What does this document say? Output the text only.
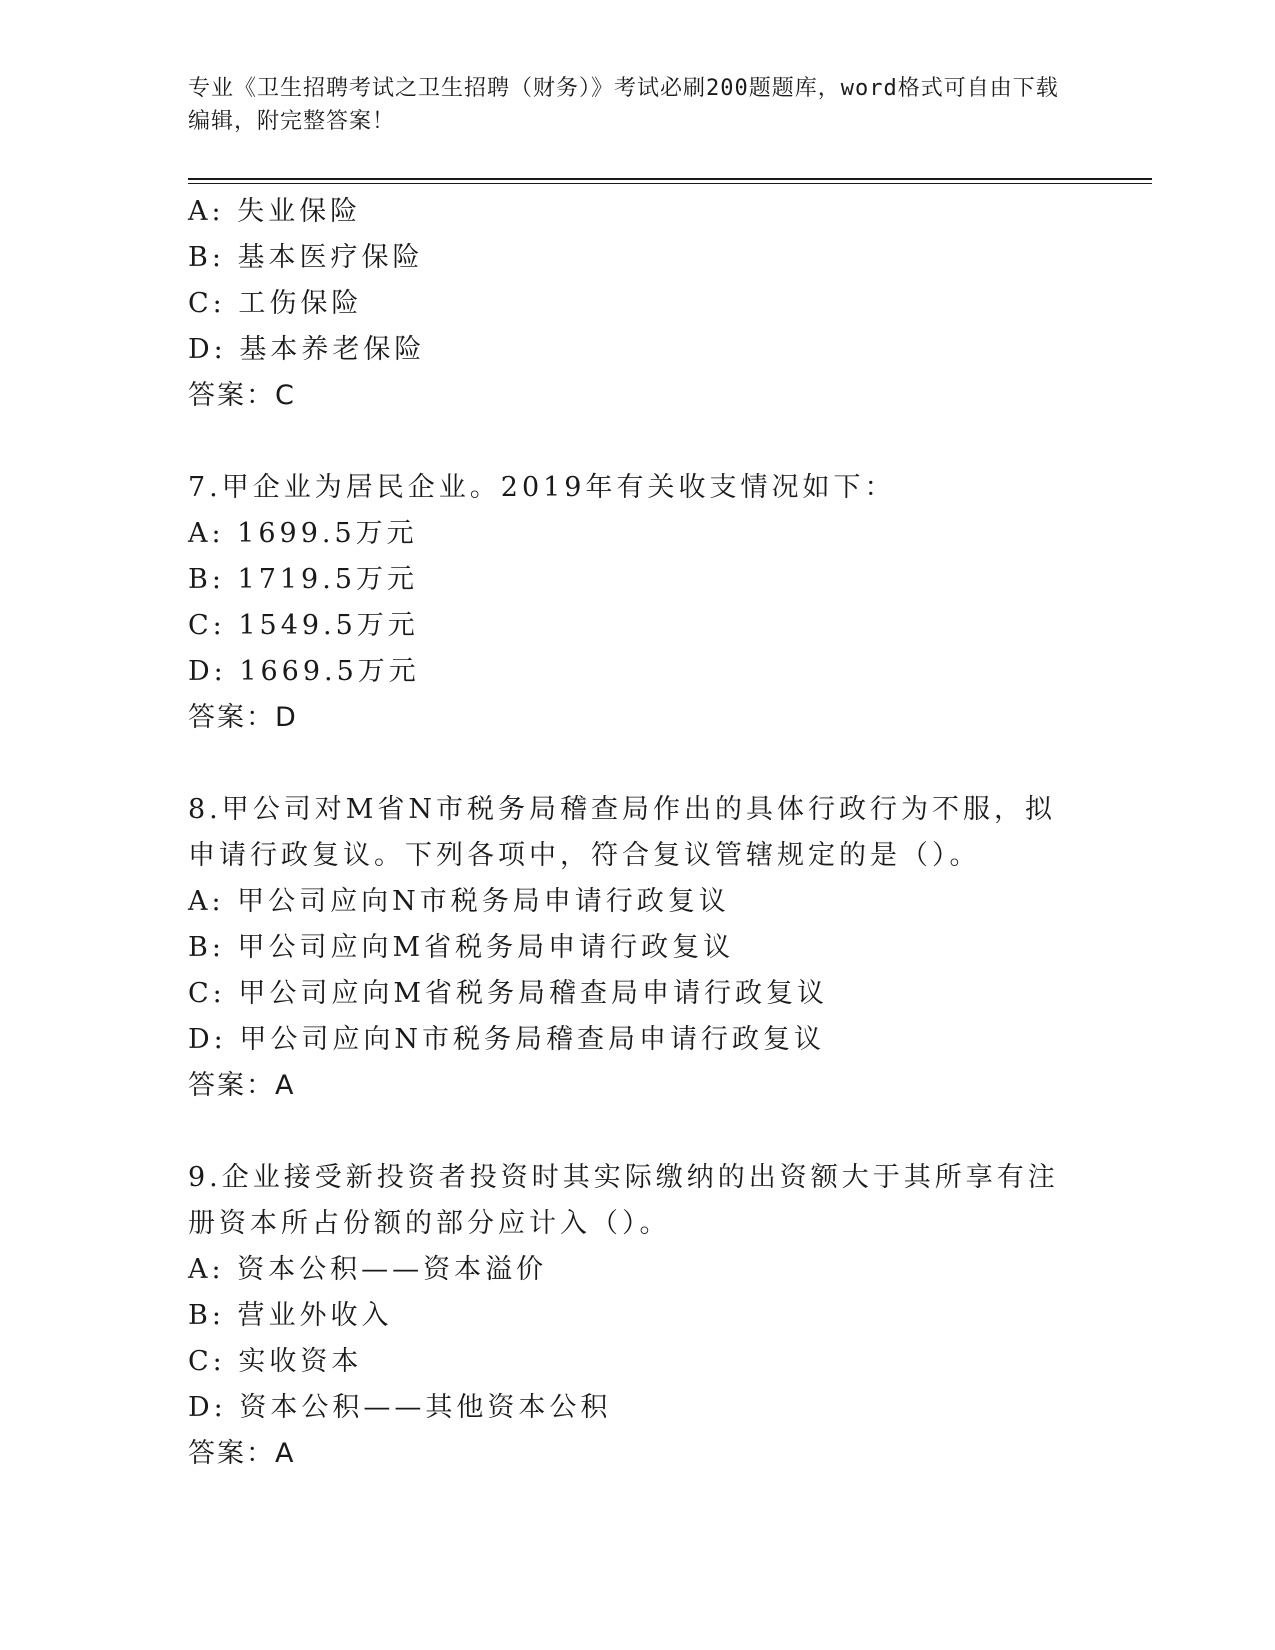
专业《卫生招聘考试之卫生招聘（财务）》考试必刷200题题库，word格式可自由下载编辑，附完整答案！
A: 失业保险
B: 基本医疗保险
C: 工伤保险
D: 基本养老保险
答案：C
7.甲企业为居民企业。2019年有关收支情况如下：
A: 1699.5万元
B: 1719.5万元
C: 1549.5万元
D: 1669.5万元
答案：D
8.甲公司对M省N市税务局稽查局作出的具体行政行为不服，拟申请行政复议。下列各项中，符合复议管辖规定的是（）。
A: 甲公司应向N市税务局申请行政复议
B: 甲公司应向M省税务局申请行政复议
C: 甲公司应向M省税务局稽查局申请行政复议
D: 甲公司应向N市税务局稽查局申请行政复议
答案：A
9.企业接受新投资者投资时其实际缴纳的出资额大于其所享有注册资本所占份额的部分应计入（）。
A: 资本公积——资本溢价
B: 营业外收入
C: 实收资本
D: 资本公积——其他资本公积
答案：A
